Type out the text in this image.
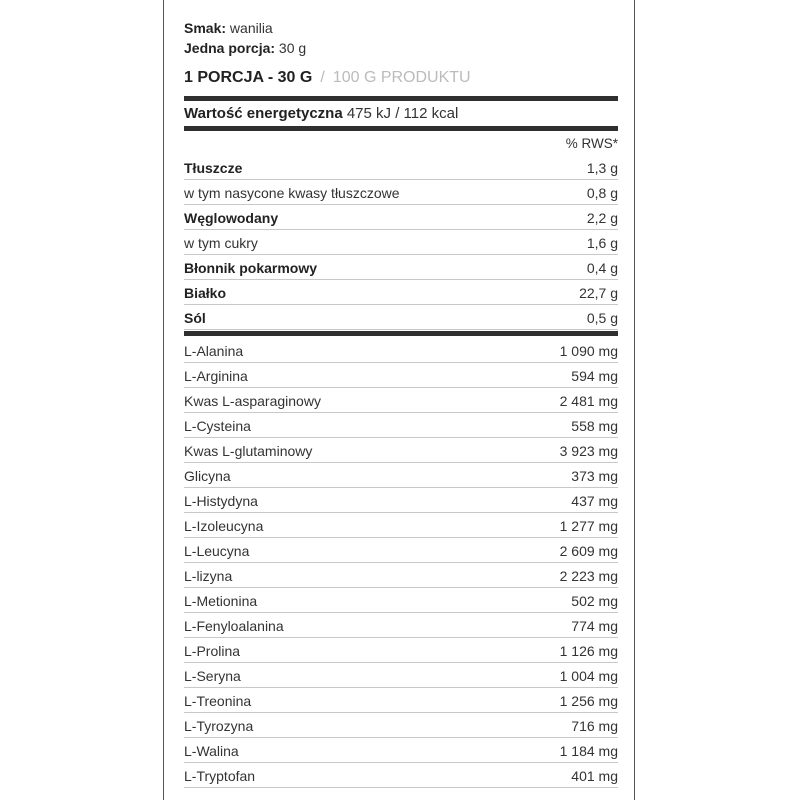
Smak: wanilia
Jedna porcja: 30 g
1 PORCJA - 30 G / 100 G PRODUKTU
Wartość energetyczna 475 kJ / 112 kcal
% RWS*
Tłuszcze	1,3 g
w tym nasycone kwasy tłuszczowe	0,8 g
Węglowodany	2,2 g
w tym cukry	1,6 g
Błonnik pokarmowy	0,4 g
Białko	22,7 g
Sól	0,5 g
L-Alanina	1 090 mg
L-Arginina	594 mg
Kwas L-asparaginowy	2 481 mg
L-Cysteina	558 mg
Kwas L-glutaminowy	3 923 mg
Glicyna	373 mg
L-Histydyna	437 mg
L-Izoleucyna	1 277 mg
L-Leucyna	2 609 mg
L-lizyna	2 223 mg
L-Metionina	502 mg
L-Fenyloalanina	774 mg
L-Prolina	1 126 mg
L-Seryna	1 004 mg
L-Treonina	1 256 mg
L-Tyrozyna	716 mg
L-Walina	1 184 mg
L-Tryptofan	401 mg
